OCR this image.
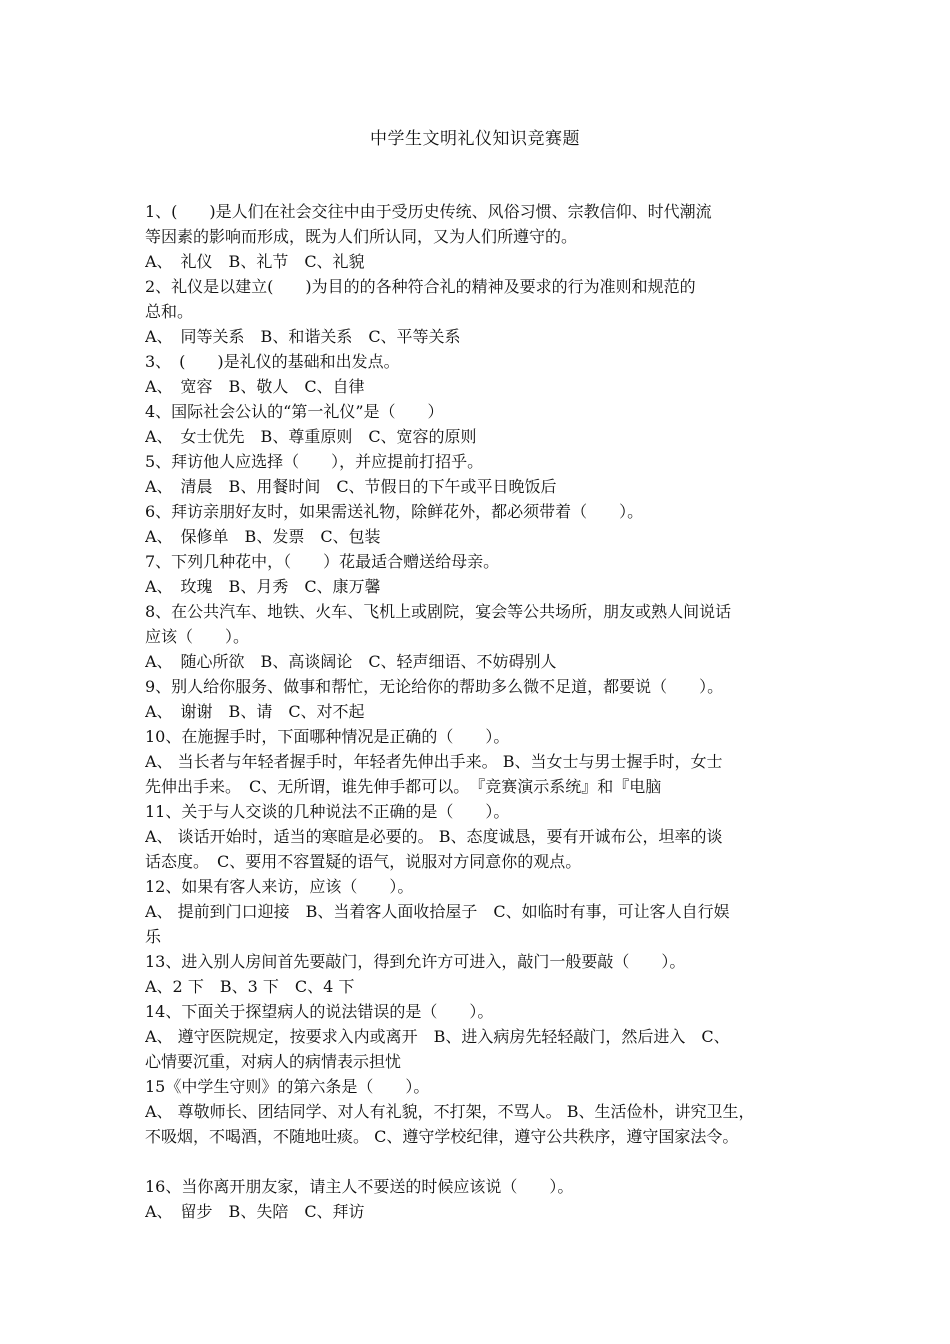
中学生文明礼仪知识竞赛题
1、(　　)是人们在社会交往中由于受历史传统、风俗习惯、宗教信仰、时代潮流
等因素的影响而形成，既为人们所认同，又为人们所遵守的。
A、　礼仪　B、礼节　C、礼貌
2、礼仪是以建立(　　)为目的的各种符合礼的精神及要求的行为准则和规范的
总和。
A、　同等关系　B、和谐关系　C、平等关系
3、　(　　)是礼仪的基础和出发点。
A、　宽容　B、敬人　C、自律
4、国际社会公认的“第一礼仪”是（　　）
A、　女士优先　B、尊重原则　C、宽容的原则
5、拜访他人应选择（　　），并应提前打招乎。
A、　清晨　B、用餐时间　C、节假日的下午或平日晚饭后
6、拜访亲朋好友时，如果需送礼物，除鲜花外，都必须带着（　　）。
A、　保修单　B、发票　C、包装
7、下列几种花中，（　　）花最适合赠送给母亲。
A、　玫瑰　B、月秀　C、康万馨
8、在公共汽车、地铁、火车、飞机上或剧院，宴会等公共场所，朋友或熟人间说话
应该（　　）。
A、　随心所欲　B、高谈阔论　C、轻声细语、不妨碍别人
9、别人给你服务、做事和帮忙，无论给你的帮助多么微不足道，都要说（　　）。
A、　谢谢　B、请　C、对不起
10、在施握手时，下面哪种情况是正确的（　　）。
A、 当长者与年轻者握手时，年轻者先伸出手来。 B、当女士与男士握手时，女士
先伸出手来。　C、无所谓，谁先伸手都可以。　『竞赛演示系统』和『电脑
11、关于与人交谈的几种说法不正确的是（　　）。
A、 谈话开始时，适当的寒暄是必要的。 B、态度诚恳，要有开诚布公，坦率的谈
话态度。　C、要用不容置疑的语气，说服对方同意你的观点。
12、如果有客人来访，应该（　　）。
A、 提前到门口迎接　B、当着客人面收拾屋子　C、如临时有事，可让客人自行娱
乐
13、进入别人房间首先要敲门，得到允许方可进入，敲门一般要敲（　　）。
A、2 下　B、3 下　C、4 下
14、下面关于探望病人的说法错误的是（　　）。
A、 遵守医院规定，按要求入内或离开　B、进入病房先轻轻敲门，然后进入　C、
心情要沉重，对病人的病情表示担忧
15《中学生守则》的第六条是（　　）。
A、 尊敬师长、团结同学、对人有礼貌，不打架，不骂人。 B、生活俭朴，讲究卫生，
不吸烟，不喝酒，不随地吐痰。 C、遵守学校纪律，遵守公共秩序，遵守国家法令。
16、当你离开朋友家，请主人不要送的时候应该说（　　）。
A、　留步　B、失陪　C、拜访
